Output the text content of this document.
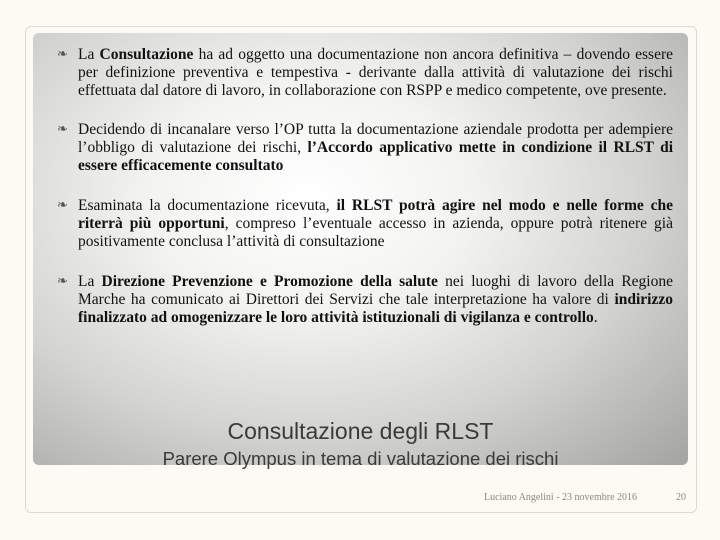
❧ La Consultazione ha ad oggetto una documentazione non ancora definitiva – dovendo essere per definizione preventiva e tempestiva - derivante dalla attività di valutazione dei rischi effettuata dal datore di lavoro, in collaborazione con RSPP e medico competente, ove presente.
❧ Decidendo di incanalare verso l’OP tutta la documentazione aziendale prodotta per adempiere l’obbligo di valutazione dei rischi, l’Accordo applicativo mette in condizione il RLST di essere efficacemente consultato
❧ Esaminata la documentazione ricevuta, il RLST potrà agire nel modo e nelle forme che riterrà più opportuni, compreso l’eventuale accesso in azienda, oppure potrà ritenere già positivamente conclusa l’attività di consultazione
❧ La Direzione Prevenzione e Promozione della salute nei luoghi di lavoro della Regione Marche ha comunicato ai Direttori dei Servizi che tale interpretazione ha valore di indirizzo finalizzato ad omogenizzare le loro attività istituzionali di vigilanza e controllo.
Consultazione degli RLST
Parere Olympus in tema di valutazione dei rischi
Luciano Angelini - 23 novembre 2016	20
